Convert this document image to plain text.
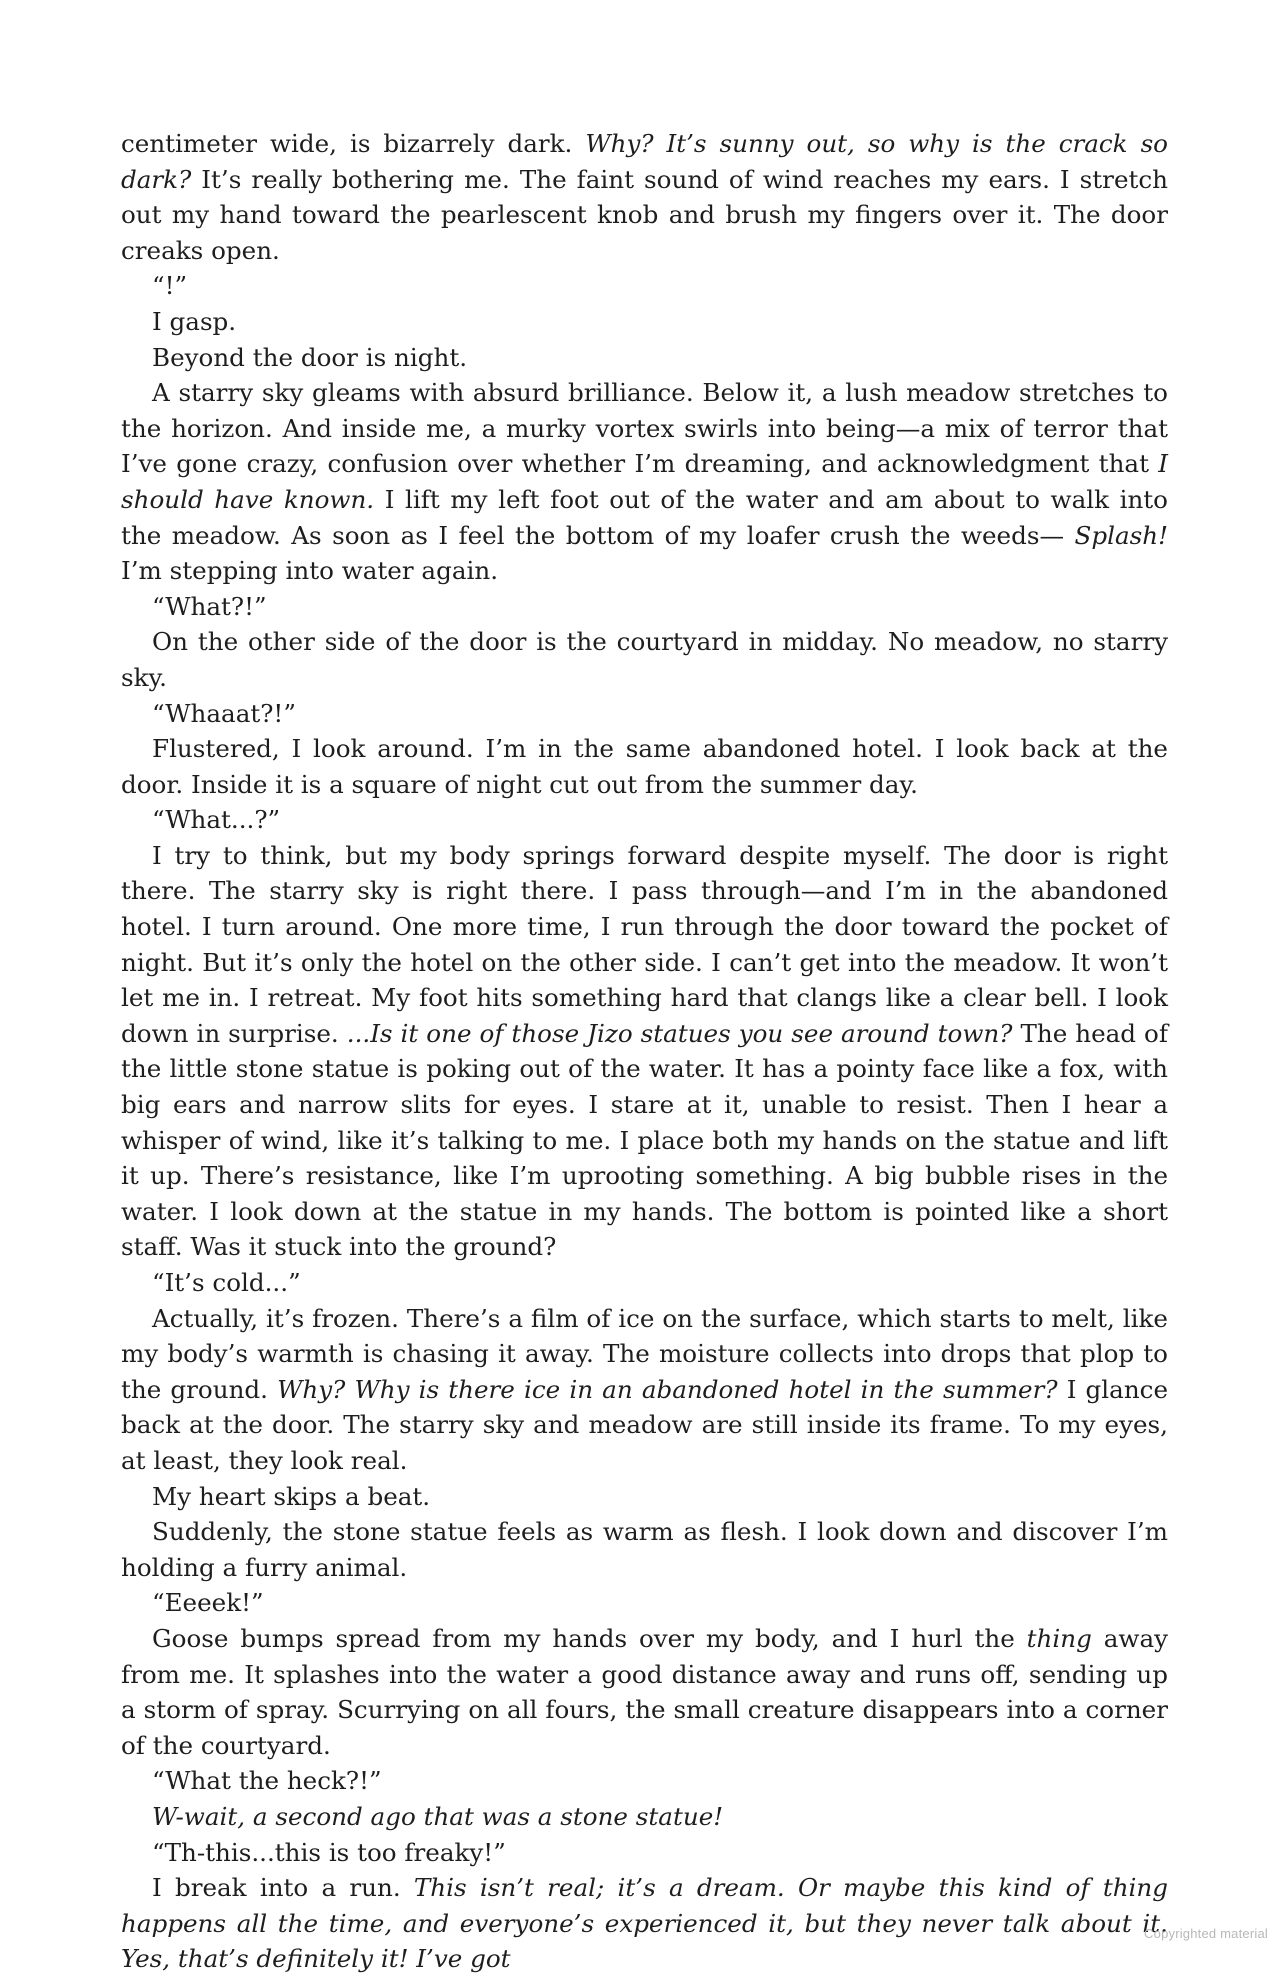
centimeter wide, is bizarrely dark. Why? It’s sunny out, so why is the crack so dark? It’s really bothering me. The faint sound of wind reaches my ears. I stretch out my hand toward the pearlescent knob and brush my fingers over it. The door creaks open.

“!”

I gasp.

Beyond the door is night.

A starry sky gleams with absurd brilliance. Below it, a lush meadow stretches to the horizon. And inside me, a murky vortex swirls into being—a mix of terror that I’ve gone crazy, confusion over whether I’m dreaming, and acknowledgment that I should have known. I lift my left foot out of the water and am about to walk into the meadow. As soon as I feel the bottom of my loafer crush the weeds— Splash! I’m stepping into water again.

“What?!”

On the other side of the door is the courtyard in midday. No meadow, no starry sky.

“Whaaat?!”

Flustered, I look around. I’m in the same abandoned hotel. I look back at the door. Inside it is a square of night cut out from the summer day.

“What...?”

I try to think, but my body springs forward despite myself. The door is right there. The starry sky is right there. I pass through—and I’m in the abandoned hotel. I turn around. One more time, I run through the door toward the pocket of night. But it’s only the hotel on the other side. I can’t get into the meadow. It won’t let me in. I retreat. My foot hits something hard that clangs like a clear bell. I look down in surprise. ...Is it one of those Jizo statues you see around town? The head of the little stone statue is poking out of the water. It has a pointy face like a fox, with big ears and narrow slits for eyes. I stare at it, unable to resist. Then I hear a whisper of wind, like it’s talking to me. I place both my hands on the statue and lift it up. There’s resistance, like I’m uprooting something. A big bubble rises in the water. I look down at the statue in my hands. The bottom is pointed like a short staff. Was it stuck into the ground?

“It’s cold...”

Actually, it’s frozen. There’s a film of ice on the surface, which starts to melt, like my body’s warmth is chasing it away. The moisture collects into drops that plop to the ground. Why? Why is there ice in an abandoned hotel in the summer? I glance back at the door. The starry sky and meadow are still inside its frame. To my eyes, at least, they look real.

My heart skips a beat.

Suddenly, the stone statue feels as warm as flesh. I look down and discover I’m holding a furry animal.

“Eeeek!”

Goose bumps spread from my hands over my body, and I hurl the thing away from me. It splashes into the water a good distance away and runs off, sending up a storm of spray. Scurrying on all fours, the small creature disappears into a corner of the courtyard.

“What the heck?!”

W-wait, a second ago that was a stone statue!

“Th-this...this is too freaky!”

I break into a run. This isn’t real; it’s a dream. Or maybe this kind of thing happens all the time, and everyone’s experienced it, but they never talk about it. Yes, that’s definitely it! I’ve got

Copyrighted material
